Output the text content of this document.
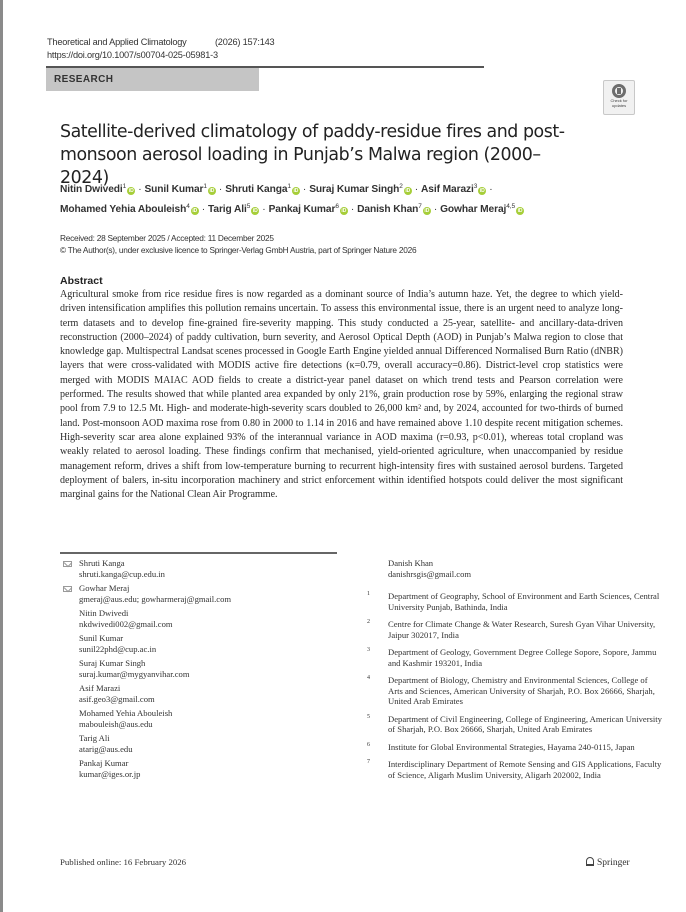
Theoretical and Applied Climatology	(2026) 157:143
https://doi.org/10.1007/s00704-025-05981-3
RESEARCH
Check for
updates
Satellite-derived climatology of paddy-residue fires and post-monsoon aerosol loading in Punjab’s Malwa region (2000–2024)
Nitin Dwivedi$^1$iD · Sunil Kumar$^1$iD · Shruti Kanga$^1$iD · Suraj Kumar Singh$^2$iD · Asif Marazi$^3$iD ·
Mohamed Yehia Abouleish$^4$iD · Tarig Ali$^5$iD · Pankaj Kumar$^6$iD · Danish Khan$^7$iD · Gowhar Meraj$^{4,5}$iD
Received: 28 September 2025 / Accepted: 11 December 2025
© The Author(s), under exclusive licence to Springer-Verlag GmbH Austria, part of Springer Nature 2026
Abstract
Agricultural smoke from rice residue fires is now regarded as a dominant source of India’s autumn haze. Yet, the degree to which yield-driven intensification amplifies this pollution remains uncertain. To assess this environmental issue, there is an urgent need to analyze long-term datasets and to develop fine-grained fire-severity mapping. This study conducted a 25-year, satellite- and ancillary-data-driven reconstruction (2000–2024) of paddy cultivation, burn severity, and Aerosol Optical Depth (AOD) in Punjab’s Malwa region to close that knowledge gap. Multispectral Landsat scenes processed in Google Earth Engine yielded annual Differenced Normalised Burn Ratio (dNBR) layers that were cross-validated with MODIS active fire detections (κ=0.79, overall accuracy=0.86). District-level crop statistics were merged with MODIS MAIAC AOD fields to create a district-year panel dataset on which trend tests and Pearson correlation were performed. The results showed that while planted area expanded by only 21%, grain production rose by 59%, enlarging the regional straw pool from 7.9 to 12.5 Mt. High- and moderate-high-severity scars doubled to 26,000 km² and, by 2024, accounted for two-thirds of burned land. Post-monsoon AOD maxima rose from 0.80 in 2000 to 1.14 in 2016 and have remained above 1.10 despite recent mitigation schemes. High-severity scar area alone explained 93% of the interannual variance in AOD maxima (r=0.93, p<0.01), whereas total cropland was weakly related to aerosol loading. These findings confirm that mechanised, yield-oriented agriculture, when unaccompanied by residue management reform, drives a shift from low-temperature burning to recurrent high-intensity fires with sustained aerosol burdens. Targeted deployment of balers, in-situ incorporation machinery and strict enforcement within identified hotspots could deliver the most significant marginal gains for the National Clean Air Programme.
Shruti Kanga
shruti.kanga@cup.edu.in
Gowhar Meraj
gmeraj@aus.edu; gowharmeraj@gmail.com
Nitin Dwivedi
nkdwivedi002@gmail.com
Sunil Kumar
sunil22phd@cup.ac.in
Suraj Kumar Singh
suraj.kumar@mygyanvihar.com
Asif Marazi
asif.geo3@gmail.com
Mohamed Yehia Abouleish
mabouleish@aus.edu
Tarig Ali
atarig@aus.edu
Pankaj Kumar
kumar@iges.or.jp
Danish Khan
danishrsgis@gmail.com
1 Department of Geography, School of Environment and Earth Sciences, Central University Punjab, Bathinda, India
2 Centre for Climate Change & Water Research, Suresh Gyan Vihar University, Jaipur 302017, India
3 Department of Geology, Government Degree College Sopore, Sopore, Jammu and Kashmir 193201, India
4 Department of Biology, Chemistry and Environmental Sciences, College of Arts and Sciences, American University of Sharjah, P.O. Box 26666, Sharjah, United Arab Emirates
5 Department of Civil Engineering, College of Engineering, American University of Sharjah, P.O. Box 26666, Sharjah, United Arab Emirates
6 Institute for Global Environmental Strategies, Hayama 240-0115, Japan
7 Interdisciplinary Department of Remote Sensing and GIS Applications, Faculty of Science, Aligarh Muslim University, Aligarh 202002, India
Published online: 16 February 2026	Springer
